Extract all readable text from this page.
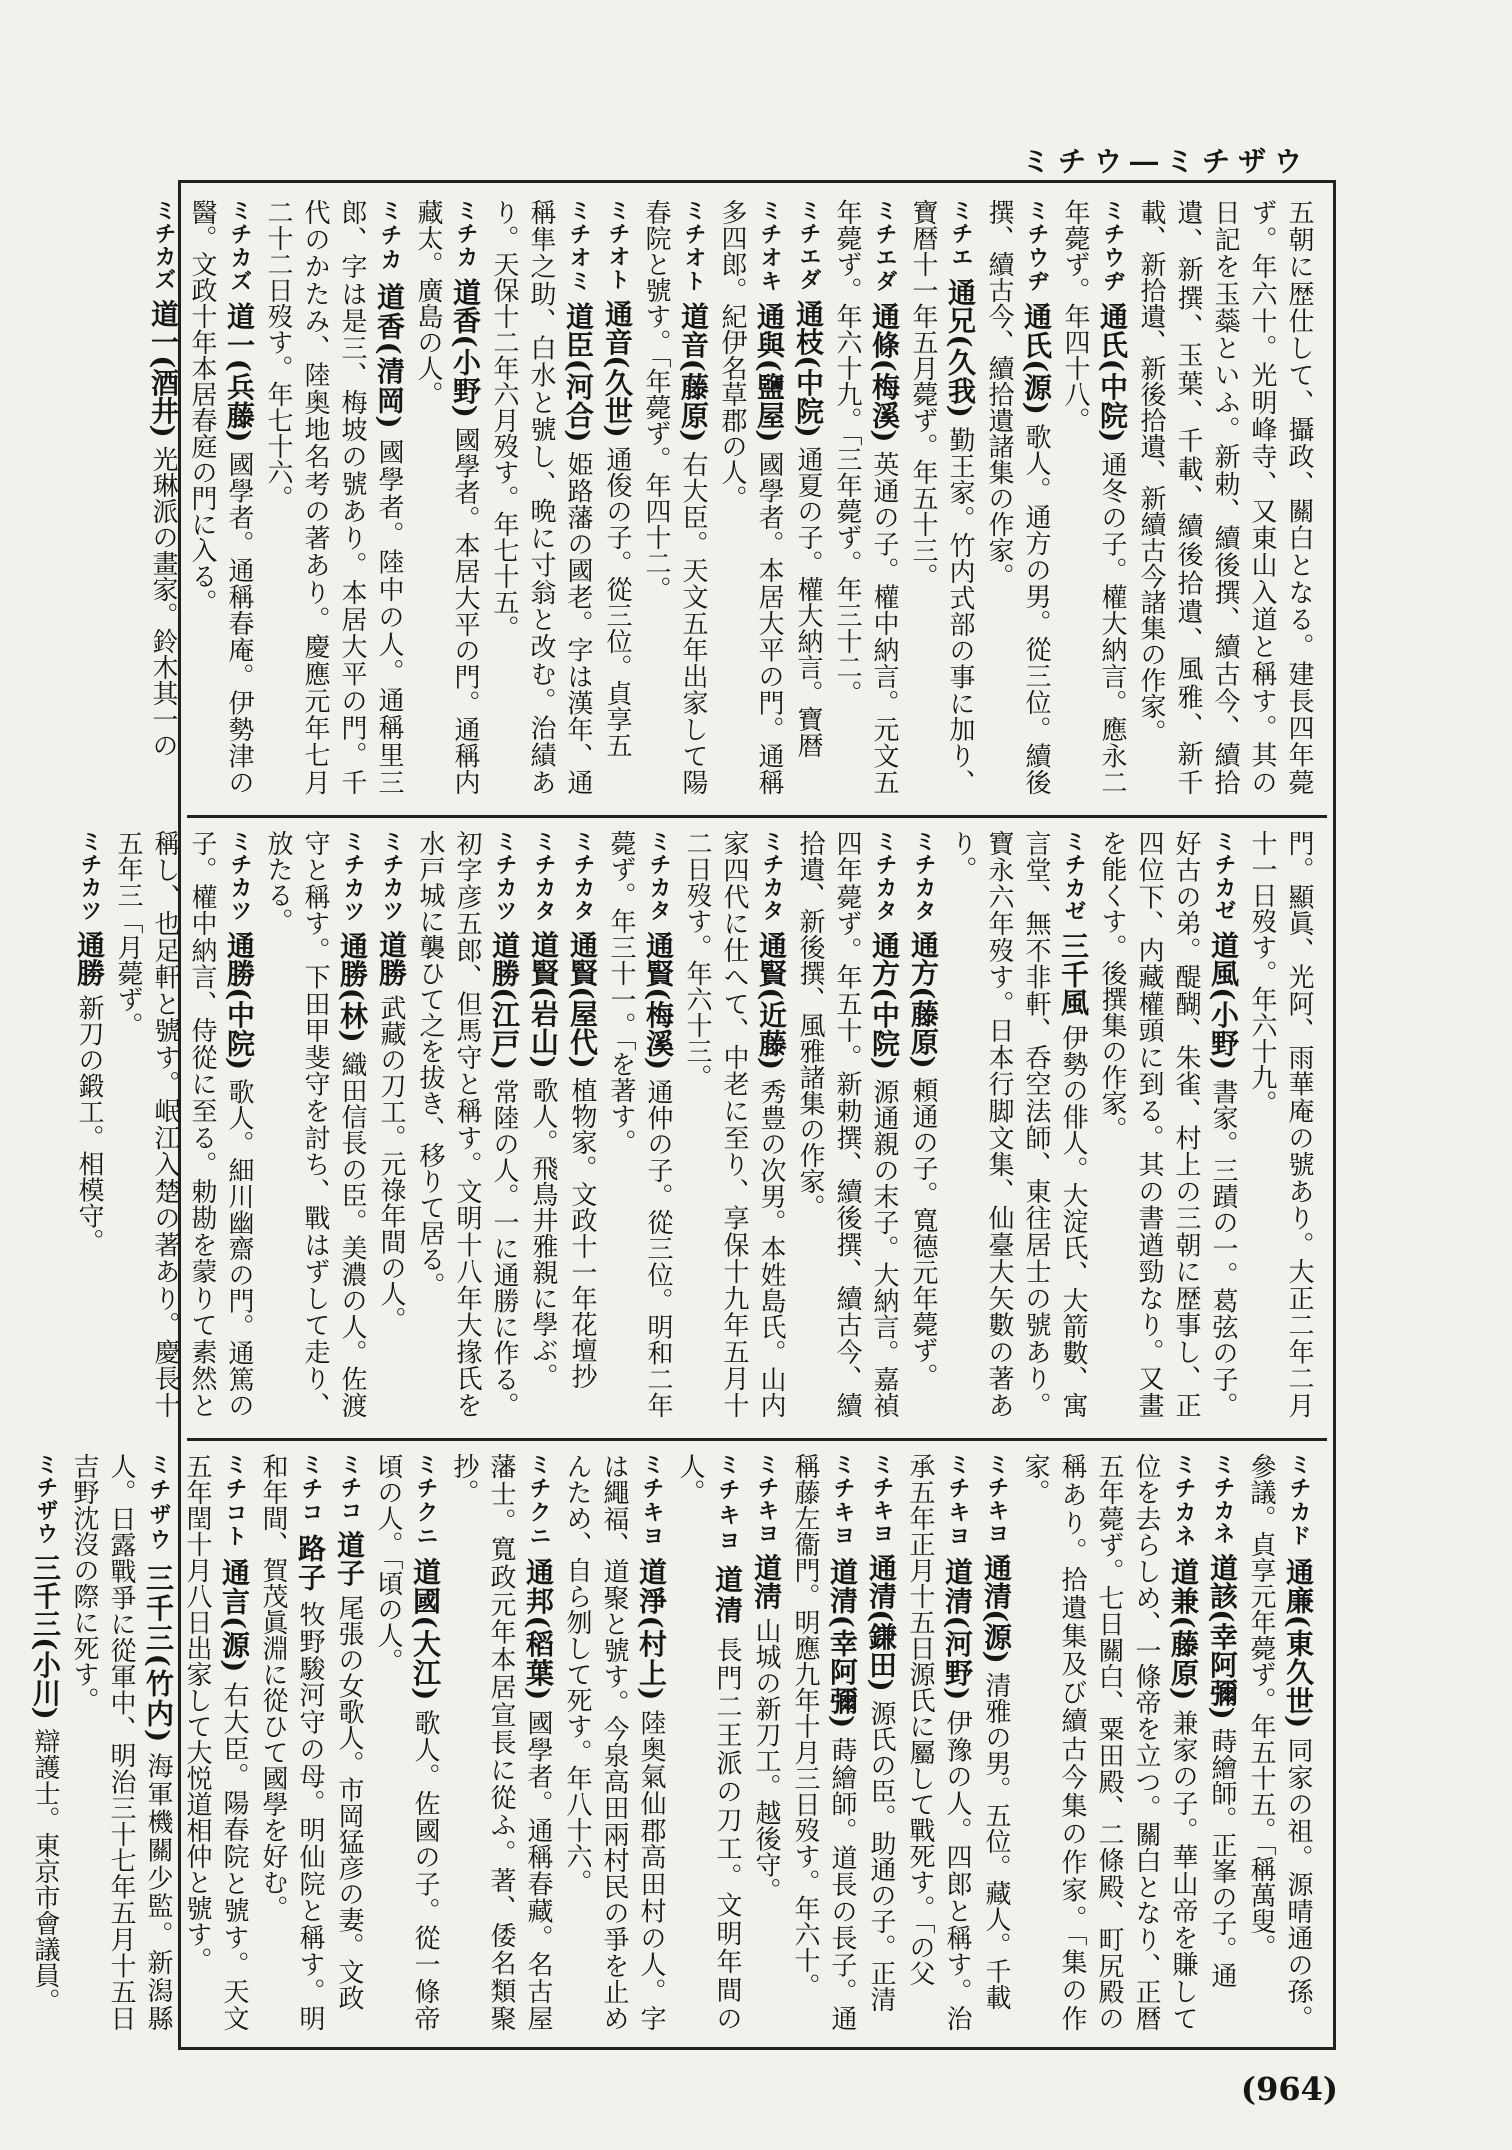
ミチウ―ミチザウ
五朝に歴仕して、攝政、關白となる。建長四年薨ず。年六十。光明峰寺、又東山入道と稱す。其の日記を玉蘂といふ。新勅、續後撰、續古今、續拾遺、新撰、玉葉、千載、續後拾遺、風雅、新千載、新拾遺、新後拾遺、新續古今諸集の作家。
ミチウヂ 通氏(中院) 通冬の子。權大納言。應永二年薨ず。年四十八。
ミチウヂ 通氏(源) 歌人。通方の男。從三位。續後撰、續古今、續拾遺諸集の作家。
ミチエ 通兄(久我) 勤王家。竹内式部の事に加り、寶暦十一年五月薨ず。年五十三。
ミチエダ 通條(梅溪) 英通の子。權中納言。元文五年薨ず。年六十九。「三年薨ず。年三十二。
ミチエダ 通枝(中院) 通夏の子。權大納言。寶暦
ミチオキ 通與(鹽屋) 國學者。本居大平の門。通稱多四郎。紀伊名草郡の人。
ミチオト 道音(藤原) 右大臣。天文五年出家して陽春院と號す。「年薨ず。年四十二。
ミチオト 通音(久世) 通俊の子。從三位。貞享五
ミチオミ 道臣(河合) 姫路藩の國老。字は漢年、通稱隼之助、白水と號し、晩に寸翁と改む。治績あり。天保十二年六月歿す。年七十五。
ミチカ 道香(小野) 國學者。本居大平の門。通稱内藏太。廣島の人。
ミチカ 道香(清岡) 國學者。陸中の人。通稱里三郎、字は是三、梅坡の號あり。本居大平の門。千代のかたみ、陸奥地名考の著あり。慶應元年七月二十二日歿す。年七十六。
ミチカズ 道一(兵藤) 國學者。通稱春庵。伊勢津の醫。文政十年本居春庭の門に入る。
ミチカズ 道一(酒井) 光琳派の畫家。鈴木其一の
門。顯眞、光阿、雨華庵の號あり。大正二年二月十一日歿す。年六十九。
ミチカゼ 道風(小野) 書家。三蹟の一。葛弦の子。好古の弟。醍醐、朱雀、村上の三朝に歴事し、正四位下、内藏權頭に到る。其の書遒勁なり。又畫を能くす。後撰集の作家。
ミチカゼ 三千風 伊勢の俳人。大淀氏、大箭數、寓言堂、無不非軒、呑空法師、東往居士の號あり。寶永六年歿す。日本行脚文集、仙臺大矢數の著あり。
ミチカタ 通方(藤原) 頼通の子。寬德元年薨ず。
ミチカタ 通方(中院) 源通親の末子。大納言。嘉禎四年薨ず。年五十。新勅撰、續後撰、續古今、續拾遺、新後撰、風雅諸集の作家。
ミチカタ 通賢(近藤) 秀豊の次男。本姓島氏。山内家四代に仕へて、中老に至り、享保十九年五月十二日歿す。年六十三。
ミチカタ 通賢(梅溪) 通仲の子。從三位。明和二年薨ず。年三十一。「を著す。
ミチカタ 通賢(屋代) 植物家。文政十一年花壇抄
ミチカタ 道賢(岩山) 歌人。飛鳥井雅親に學ぶ。
ミチカツ 道勝(江戸) 常陸の人。一に通勝に作る。初字彦五郎、但馬守と稱す。文明十八年大掾氏を水戸城に襲ひて之を拔き、移りて居る。
ミチカツ 道勝 武藏の刀工。元祿年間の人。
ミチカツ 通勝(林) 織田信長の臣。美濃の人。佐渡守と稱す。下田甲斐守を討ち、戰はずして走り、放たる。
ミチカツ 通勝(中院) 歌人。細川幽齋の門。通篤の子。權中納言、侍從に至る。勅勘を蒙りて素然と稱し、也足軒と號す。岷江入楚の著あり。慶長十五年三「月薨ず。
ミチカツ 通勝 新刀の鍛工。相模守。
ミチカド 通廉(東久世) 同家の祖。源晴通の孫。參議。貞享元年薨ず。年五十五。「稱萬叟。
ミチカネ 道該(幸阿彌) 蒔繪師。正峯の子。通
ミチカネ 道兼(藤原) 兼家の子。華山帝を賺して位を去らしめ、一條帝を立つ。關白となり、正暦五年薨ず。七日關白、粟田殿、二條殿、町尻殿の稱あり。拾遺集及び續古今集の作家。「集の作家。
ミチキヨ 通清(源) 清雅の男。五位。藏人。千載
ミチキヨ 道清(河野) 伊豫の人。四郎と稱す。治承五年正月十五日源氏に屬して戰死す。「の父
ミチキヨ 通清(鎌田) 源氏の臣。助通の子。正清
ミチキヨ 道清(幸阿彌) 蒔繪師。道長の長子。通稱藤左衞門。明應九年十月三日歿す。年六十。
ミチキヨ 道淸 山城の新刀工。越後守。
ミチキヨ 道清 長門二王派の刀工。文明年間の人。
ミチキヨ 道淨(村上) 陸奥氣仙郡高田村の人。字は繩福、道聚と號す。今泉高田兩村民の爭を止めんため、自ら刎して死す。年八十六。
ミチクニ 通邦(稻葉) 國學者。通稱春藏。名古屋藩士。寬政元年本居宣長に從ふ。著、倭名類聚抄。
ミチクニ 道國(大江) 歌人。佐國の子。從一條帝頃の人。「頃の人。
ミチコ 道子 尾張の女歌人。市岡猛彦の妻。文政
ミチコ 路子 牧野駿河守の母。明仙院と稱す。明和年間、賀茂眞淵に從ひて國學を好む。
ミチコト 通言(源) 右大臣。陽春院と號す。天文五年閏十月八日出家して大悦道相仲と號す。
ミチザウ 三千三(竹内) 海軍機關少監。新潟縣人。日露戰爭に從軍中、明治三十七年五月十五日吉野沈沒の際に死す。
ミチザウ 三千三(小川) 辯護士。東京市會議員。
(964)
